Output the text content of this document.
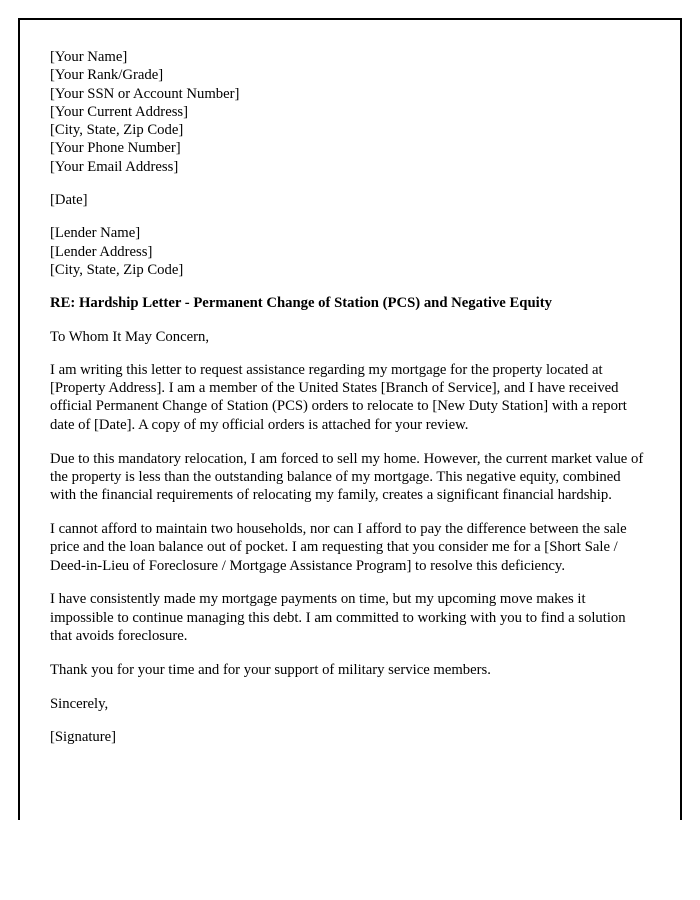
[Your Name]
[Your Rank/Grade]
[Your SSN or Account Number]
[Your Current Address]
[City, State, Zip Code]
[Your Phone Number]
[Your Email Address]
[Date]
[Lender Name]
[Lender Address]
[City, State, Zip Code]
RE: Hardship Letter - Permanent Change of Station (PCS) and Negative Equity
To Whom It May Concern,

I am writing this letter to request assistance regarding my mortgage for the property located at [Property Address]. I am a member of the United States [Branch of Service], and I have received official Permanent Change of Station (PCS) orders to relocate to [New Duty Station] with a report date of [Date]. A copy of my official orders is attached for your review.

Due to this mandatory relocation, I am forced to sell my home. However, the current market value of the property is less than the outstanding balance of my mortgage. This negative equity, combined with the financial requirements of relocating my family, creates a significant financial hardship.

I cannot afford to maintain two households, nor can I afford to pay the difference between the sale price and the loan balance out of pocket. I am requesting that you consider me for a [Short Sale / Deed-in-Lieu of Foreclosure / Mortgage Assistance Program] to resolve this deficiency.

I have consistently made my mortgage payments on time, but my upcoming move makes it impossible to continue managing this debt. I am committed to working with you to find a solution that avoids foreclosure.

Thank you for your time and for your support of military service members.

Sincerely,
[Signature]
